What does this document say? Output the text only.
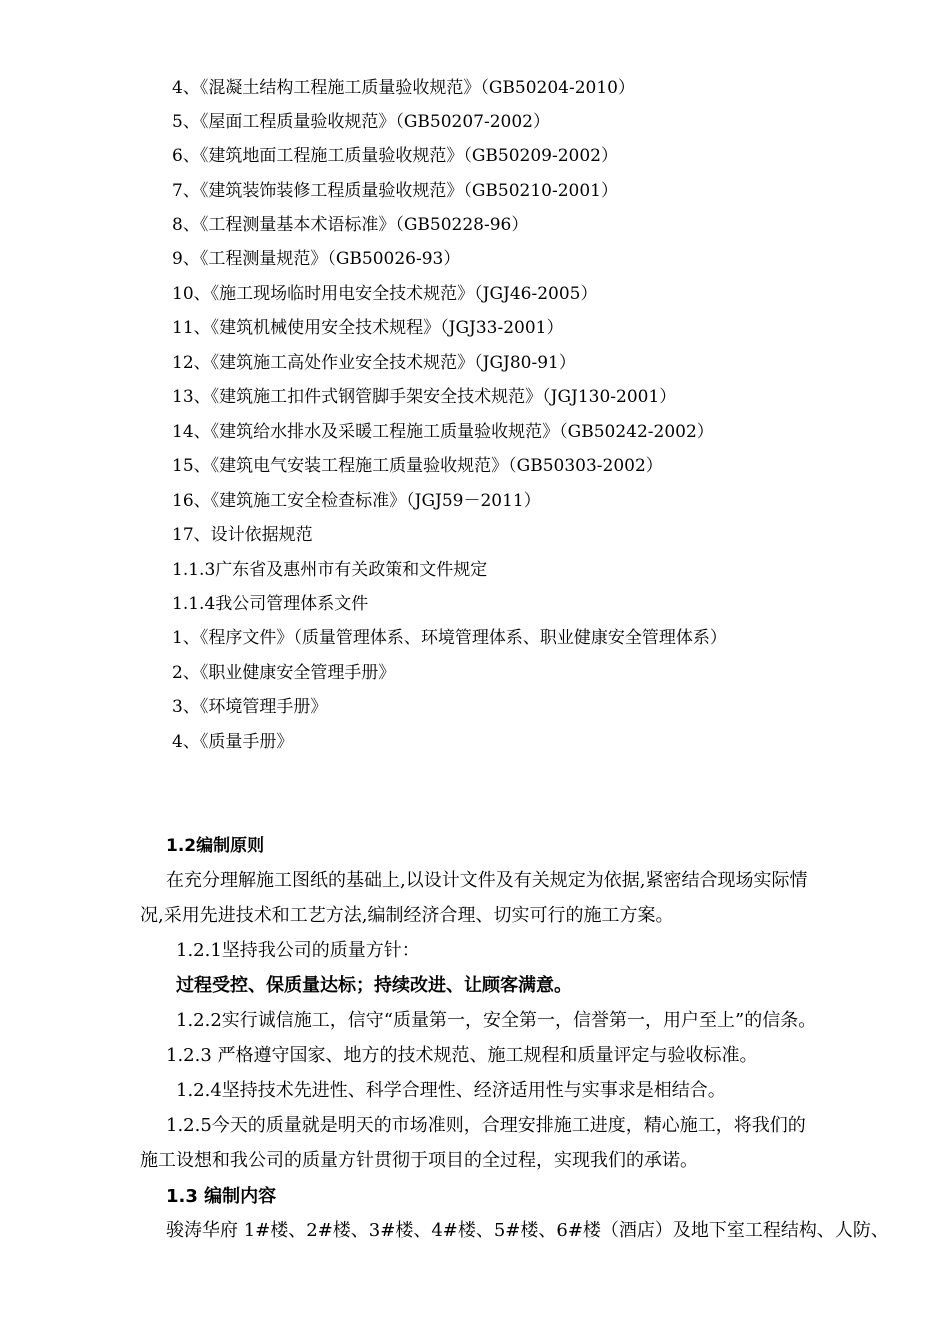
4、《混凝土结构工程施工质量验收规范》（GB50204-2010）
5、《屋面工程质量验收规范》（GB50207-2002）
6、《建筑地面工程施工质量验收规范》（GB50209-2002）
7、《建筑装饰装修工程质量验收规范》（GB50210-2001）
8、《工程测量基本术语标准》（GB50228-96）
9、《工程测量规范》（GB50026-93）
10、《施工现场临时用电安全技术规范》（JGJ46-2005）
11、《建筑机械使用安全技术规程》（JGJ33-2001）
12、《建筑施工高处作业安全技术规范》（JGJ80-91）
13、《建筑施工扣件式钢管脚手架安全技术规范》（JGJ130-2001）
14、《建筑给水排水及采暖工程施工质量验收规范》（GB50242-2002）
15、《建筑电气安装工程施工质量验收规范》（GB50303-2002）
16、《建筑施工安全检查标准》（JGJ59－2011）
17、设计依据规范
1.1.3广东省及惠州市有关政策和文件规定
1.1.4我公司管理体系文件
1、《程序文件》（质量管理体系、环境管理体系、职业健康安全管理体系）
2、《职业健康安全管理手册》
3、《环境管理手册》
4、《质量手册》
1.2编制原则
在充分理解施工图纸的基础上,以设计文件及有关规定为依据,紧密结合现场实际情
况,采用先进技术和工艺方法,编制经济合理、切实可行的施工方案。
1.2.1坚持我公司的质量方针：
过程受控、保质量达标；持续改进、让顾客满意。
1.2.2实行诚信施工，信守“质量第一，安全第一，信誉第一，用户至上”的信条。
1.2.3 严格遵守国家、地方的技术规范、施工规程和质量评定与验收标准。
1.2.4坚持技术先进性、科学合理性、经济适用性与实事求是相结合。
1.2.5今天的质量就是明天的市场准则，合理安排施工进度，精心施工，将我们的
施工设想和我公司的质量方针贯彻于项目的全过程，实现我们的承诺。
1.3 编制内容
骏涛华府 1#楼、2#楼、3#楼、4#楼、5#楼、6#楼（酒店）及地下室工程结构、人防、
